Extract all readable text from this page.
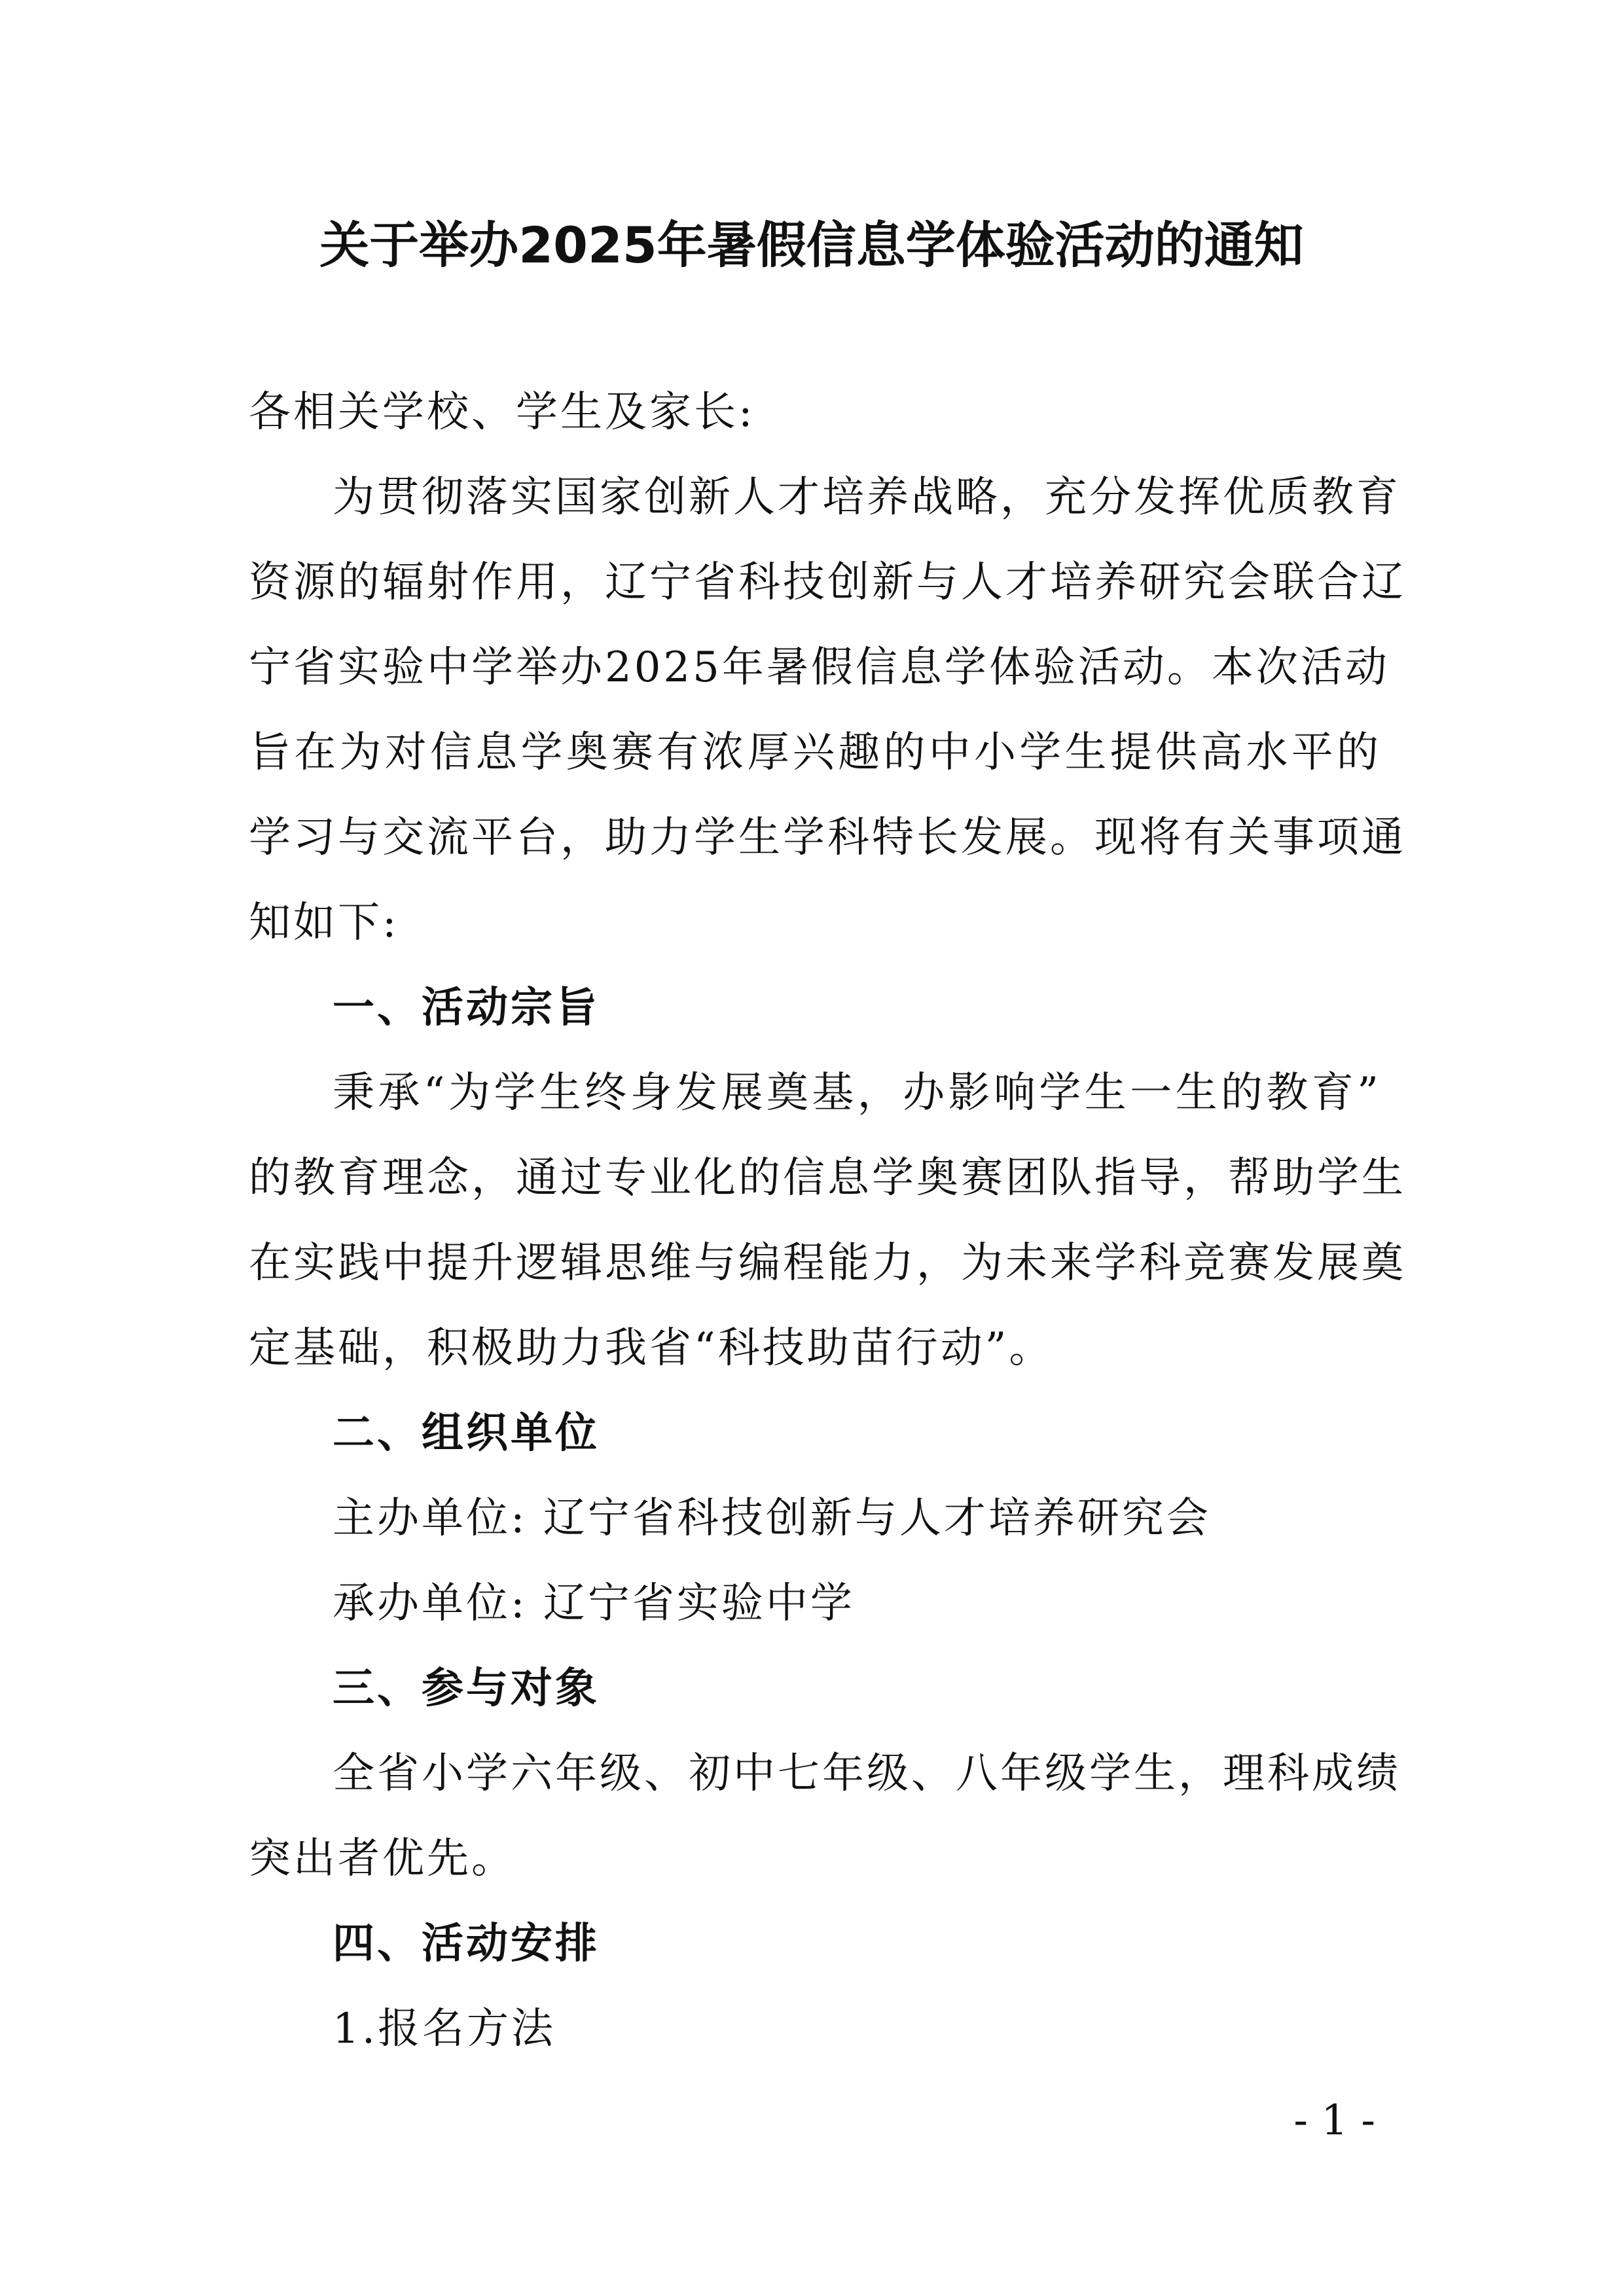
关于举办2025年暑假信息学体验活动的通知
各相关学校、学生及家长:
为贯彻落实国家创新人才培养战略，充分发挥优质教育
资源的辐射作用，辽宁省科技创新与人才培养研究会联合辽
宁省实验中学举办2025年暑假信息学体验活动。本次活动
旨在为对信息学奥赛有浓厚兴趣的中小学生提供高水平的
学习与交流平台，助力学生学科特长发展。现将有关事项通
知如下:
一、活动宗旨
秉承“为学生终身发展奠基，办影响学生一生的教育”
的教育理念，通过专业化的信息学奥赛团队指导，帮助学生
在实践中提升逻辑思维与编程能力，为未来学科竞赛发展奠
定基础，积极助力我省“科技助苗行动”。
二、组织单位
主办单位: 辽宁省科技创新与人才培养研究会
承办单位: 辽宁省实验中学
三、参与对象
全省小学六年级、初中七年级、八年级学生，理科成绩
突出者优先。
四、活动安排
1.报名方法
- 1 -
